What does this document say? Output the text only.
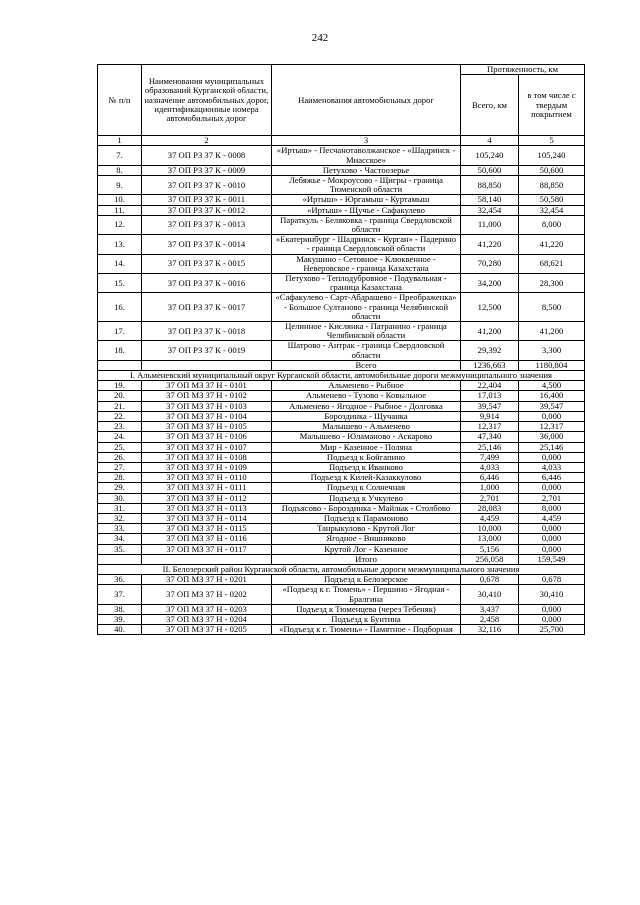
242
№ п/п	Наименования муниципальных образований Курганской области, назначение автомобильных дорог, идентификационные номера автомобильных дорог	Наименования автомобильных дорог	Протяженность, км	
			Всего, км	в том числе с твердым покрытием
1	2	3	4	5
7.	37 ОП РЗ 37 К - 0008	«Иртыш» - Песчанотаволжанское - «Шадринск - Миасское»	105,240	105,240
8.	37 ОП РЗ 37 К - 0009	Петухово - Частоозерье	50,600	50,600
9.	37 ОП РЗ 37 К - 0010	Лебяжье - Мокроусово - Щигры - граница Тюменской области	88,850	88,850
10.	37 ОП РЗ 37 К - 0011	«Иртыш» - Юргамыш - Куртамыш	58,140	50,580
11.	37 ОП РЗ 37 К - 0012	«Иртыш» - Щучье - Сафакулево	32,454	32,454
12.	37 ОП РЗ 37 К - 0013	Параткуль - Беляковка - граница Свердловской области	11,000	8,000
13.	37 ОП РЗ 37 К - 0014	«Екатеринбург - Шадринск - Курган» - Падерино - граница Свердловской области	41,220	41,220
14.	37 ОП РЗ 37 К - 0015	Макушино - Сетовное - Клюквенное - Неверовское - граница Казахстана	70,280	68,621
15.	37 ОП РЗ 37 К - 0016	Петухово - Теплодубровное - Подувальная - граница Казахстана	34,200	28,300
16.	37 ОП РЗ 37 К - 0017	«Сафакулево - Сарт-Абдрашево - Преображенка» - Большое Султаново - граница Челябинской области	12,500	8,500
17.	37 ОП РЗ 37 К - 0018	Целинное - Кислянка - Патранино - граница Челябинской области	41,200	41,200
18.	37 ОП РЗ 37 К - 0019	Шатрово - Антрак - граница Свердловской области	29,392	3,300
		Всего	1236,663	1180,804
I. Альменевский муниципальный округ Курганской области, автомобильные дороги межмуниципального значения				
19.	37 ОП МЗ 37 Н - 0101	Альменево - Рыбное	22,404	4,500
20.	37 ОП МЗ 37 Н - 0102	Альменево - Тузово - Ковыльное	17,013	16,400
21.	37 ОП МЗ 37 Н - 0103	Альменево - Ягодное - Рыбное - Долговка	39,547	39,547
22.	37 ОП МЗ 37 Н - 0104	Бороздинка - Щучанка	9,914	0,000
23.	37 ОП МЗ 37 Н - 0105	Малышево - Альменево	12,317	12,317
24.	37 ОП МЗ 37 Н - 0106	Малышево - Юламаново - Аскарово	47,340	36,000
25.	37 ОП МЗ 37 Н - 0107	Мир - Казенное - Поляна	25,146	25,146
26.	37 ОП МЗ 37 Н - 0108	Подъезд к Бойгапино	7,499	0,000
27.	37 ОП МЗ 37 Н - 0109	Подъезд к Иванково	4,033	4,033
28.	37 ОП МЗ 37 Н - 0110	Подъезд к Килей-Казаккулово	6,446	6,446
29.	37 ОП МЗ 37 Н - 0111	Подъезд к Солнечная	1,000	0,000
30.	37 ОП МЗ 37 Н - 0112	Подъезд к Учкулево	2,701	2,701
31.	37 ОП МЗ 37 Н - 0113	Подъясово - Бороздинка - Майлык - Столбово	28,083	8,000
32.	37 ОП МЗ 37 Н - 0114	Подъезд к Парамоново	4,459	4,459
33.	37 ОП МЗ 37 Н - 0115	Танрыкулово - Крутой Лог	10,000	0,000
34.	37 ОП МЗ 37 Н - 0116	Ягодное - Вишняково	13,000	0,000
35.	37 ОП МЗ 37 Н - 0117	Крутой Лог - Казенное	5,156	0,000
		Итого	256,058	159,549
II. Белозерский район Курганской области, автомобильные дороги межмуниципального значения				
36.	37 ОП МЗ 37 Н - 0201	Подъезд к Белозерское	0,678	0,678
37.	37 ОП МЗ 37 Н - 0202	«Подъезд к г. Тюмень» - Першино - Ягодная - Бралгина	30,410	30,410
38.	37 ОП МЗ 37 Н - 0203	Подъезд к Тюменцева (через Тебеняк)	3,437	0,000
39.	37 ОП МЗ 37 Н - 0204	Подъезд к Бунтина	2,458	0,000
40.	37 ОП МЗ 37 Н - 0205	«Подъезд к г. Тюмень» - Памятное - Подборная	32,116	25,700
